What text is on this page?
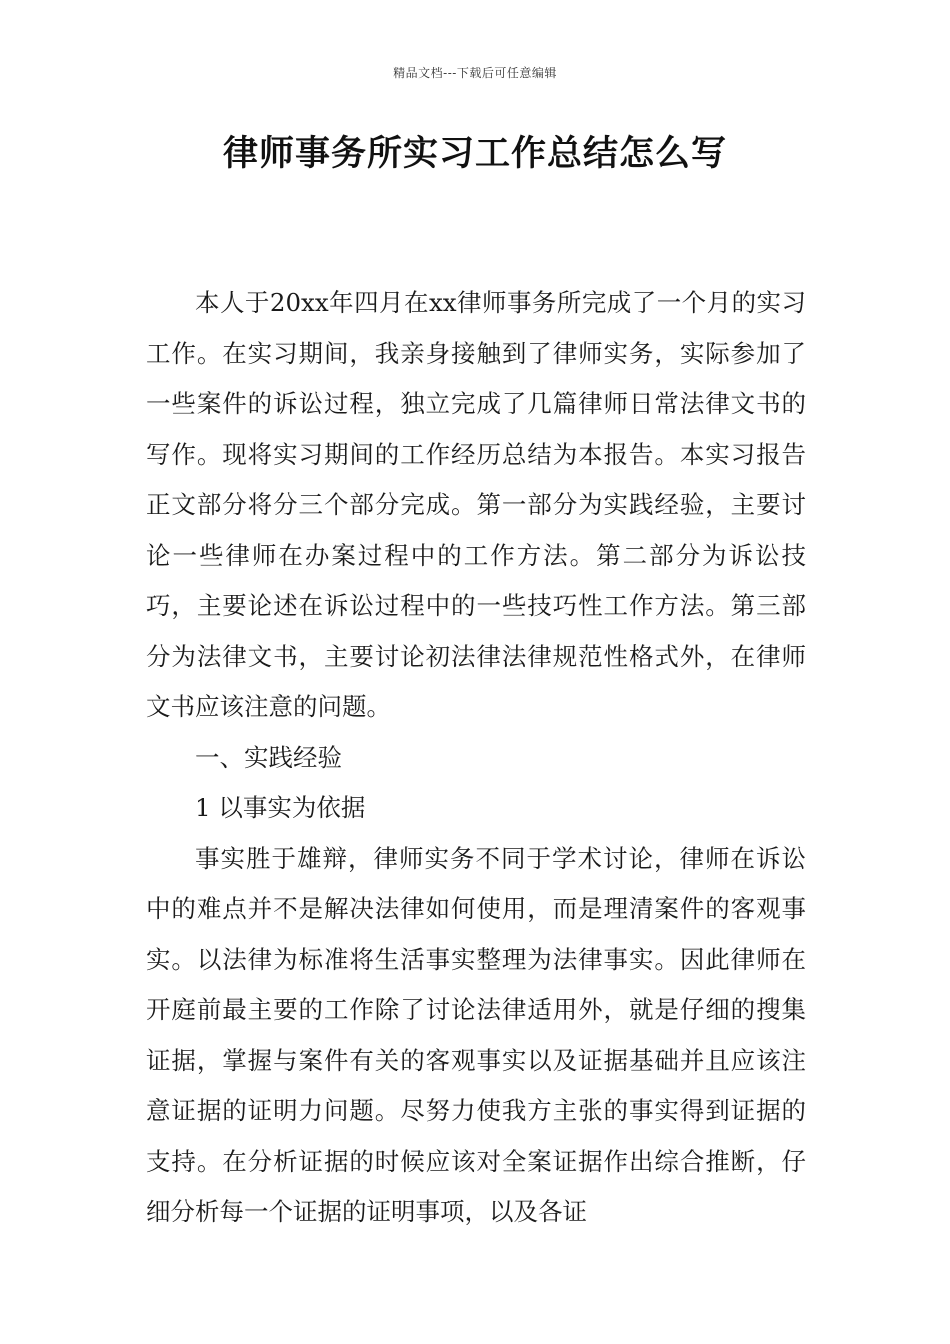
精品文档---下载后可任意编辑
律师事务所实习工作总结怎么写

本人于20xx年四月在xx律师事务所完成了一个月的实习工作。在实习期间，我亲身接触到了律师实务，实际参加了一些案件的诉讼过程，独立完成了几篇律师日常法律文书的写作。现将实习期间的工作经历总结为本报告。本实习报告正文部分将分三个部分完成。第一部分为实践经验，主要讨论一些律师在办案过程中的工作方法。第二部分为诉讼技巧，主要论述在诉讼过程中的一些技巧性工作方法。第三部分为法律文书，主要讨论初法律法律规范性格式外，在律师文书应该注意的问题。

一、实践经验

1 以事实为依据

事实胜于雄辩，律师实务不同于学术讨论，律师在诉讼中的难点并不是解决法律如何使用，而是理清案件的客观事实。以法律为标准将生活事实整理为法律事实。因此律师在开庭前最主要的工作除了讨论法律适用外，就是仔细的搜集证据，掌握与案件有关的客观事实以及证据基础并且应该注意证据的证明力问题。尽努力使我方主张的事实得到证据的支持。在分析证据的时候应该对全案证据作出综合推断，仔细分析每一个证据的证明事项，以及各证
